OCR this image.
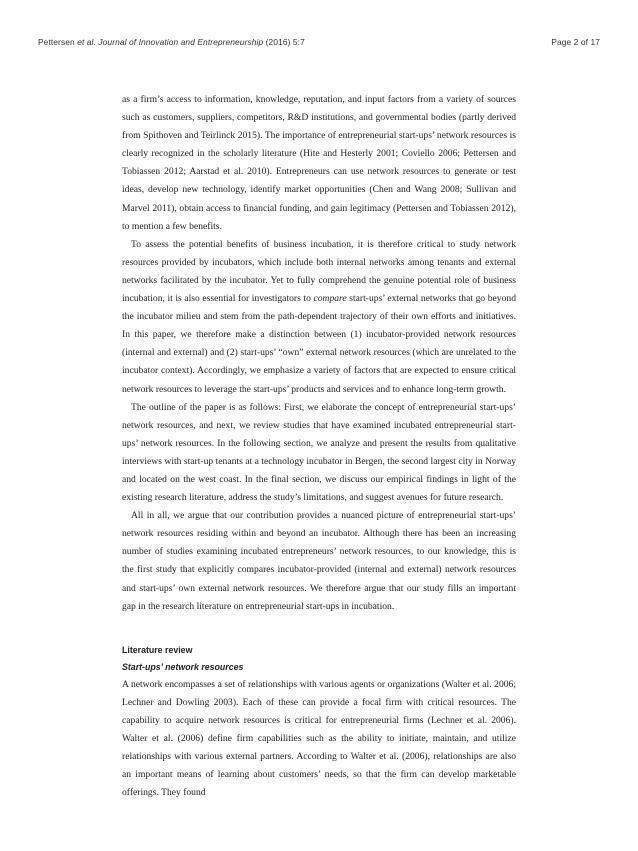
Pettersen et al. Journal of Innovation and Entrepreneurship (2016) 5:7	Page 2 of 17

as a firm’s access to information, knowledge, reputation, and input factors from a variety of sources such as customers, suppliers, competitors, R&D institutions, and governmental bodies (partly derived from Spithoven and Teirlinck 2015). The importance of entrepreneurial start-ups’ network resources is clearly recognized in the scholarly literature (Hite and Hesterly 2001; Coviello 2006; Pettersen and Tobiassen 2012; Aarstad et al. 2010). Entrepreneurs can use network resources to generate or test ideas, develop new technology, identify market opportunities (Chen and Wang 2008; Sullivan and Marvel 2011), obtain access to financial funding, and gain legitimacy (Pettersen and Tobiassen 2012), to mention a few benefits.

To assess the potential benefits of business incubation, it is therefore critical to study network resources provided by incubators, which include both internal networks among tenants and external networks facilitated by the incubator. Yet to fully comprehend the genuine potential role of business incubation, it is also essential for investigators to compare start-ups’ external networks that go beyond the incubator milieu and stem from the path-dependent trajectory of their own efforts and initiatives. In this paper, we therefore make a distinction between (1) incubator-provided network resources (internal and external) and (2) start-ups’ “own” external network resources (which are unrelated to the incubator context). Accordingly, we emphasize a variety of factors that are expected to ensure critical network resources to leverage the start-ups’ products and services and to enhance long-term growth.

The outline of the paper is as follows: First, we elaborate the concept of entrepreneurial start-ups’ network resources, and next, we review studies that have examined incubated entrepreneurial start-ups’ network resources. In the following section, we analyze and present the results from qualitative interviews with start-up tenants at a technology incubator in Bergen, the second largest city in Norway and located on the west coast. In the final section, we discuss our empirical findings in light of the existing research literature, address the study’s limitations, and suggest avenues for future research.

All in all, we argue that our contribution provides a nuanced picture of entrepreneurial start-ups’ network resources residing within and beyond an incubator. Although there has been an increasing number of studies examining incubated entrepreneurs’ network resources, to our knowledge, this is the first study that explicitly compares incubator-provided (internal and external) network resources and start-ups’ own external network resources. We therefore argue that our study fills an important gap in the research literature on entrepreneurial start-ups in incubation.

Literature review
Start-ups’ network resources

A network encompasses a set of relationships with various agents or organizations (Walter et al. 2006; Lechner and Dowling 2003). Each of these can provide a focal firm with critical resources. The capability to acquire network resources is critical for entrepreneurial firms (Lechner et al. 2006). Walter et al. (2006) define firm capabilities such as the ability to initiate, maintain, and utilize relationships with various external partners. According to Walter et al. (2006), relationships are also an important means of learning about customers’ needs, so that the firm can develop marketable offerings. They found
